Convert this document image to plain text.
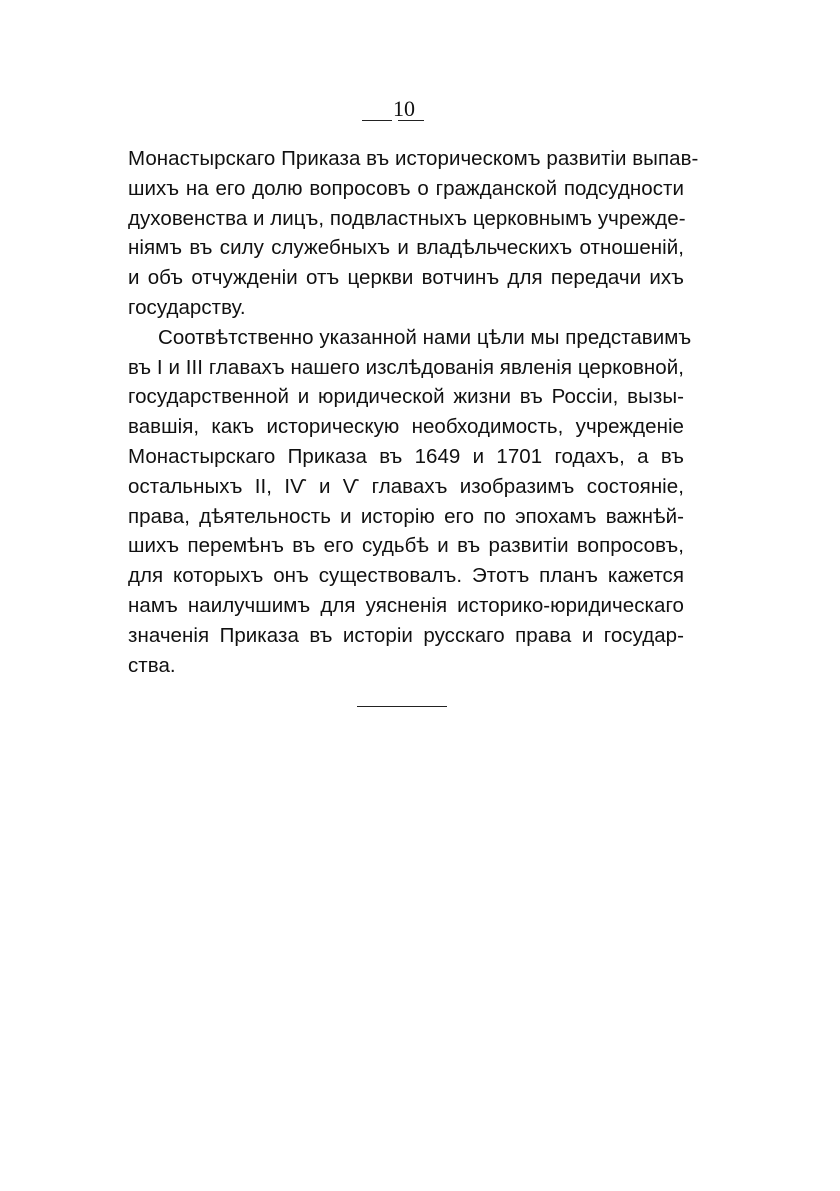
10
Монастырскаго Приказа въ историческомъ развитіи выпав-
шихъ на его долю вопросовъ о гражданской подсудности
духовенства и лицъ, подвластныхъ церковнымъ учрежде-
ніямъ въ силу служебныхъ и владѣльческихъ отношеній,
и объ отчужденіи отъ церкви вотчинъ для передачи ихъ
государству.
Соотвѣтственно указанной нами цѣли мы представимъ
въ I и III главахъ нашего изслѣдованія явленія церковной,
государственной и юридической жизни въ Россіи, вызы-
вавшія, какъ историческую необходимость, учрежденіе
Монастырскаго Приказа въ 1649 и 1701 годахъ, а въ
остальныхъ II, IѴ и Ѵ главахъ изобразимъ состояніе,
права, дѣятельность и исторію его по эпохамъ важнѣй-
шихъ перемѣнъ въ его судьбѣ и въ развитіи вопросовъ,
для которыхъ онъ существовалъ. Этотъ планъ кажется
намъ наилучшимъ для уясненія историко-юридическаго
значенія Приказа въ исторіи русскаго права и государ-
ства.
